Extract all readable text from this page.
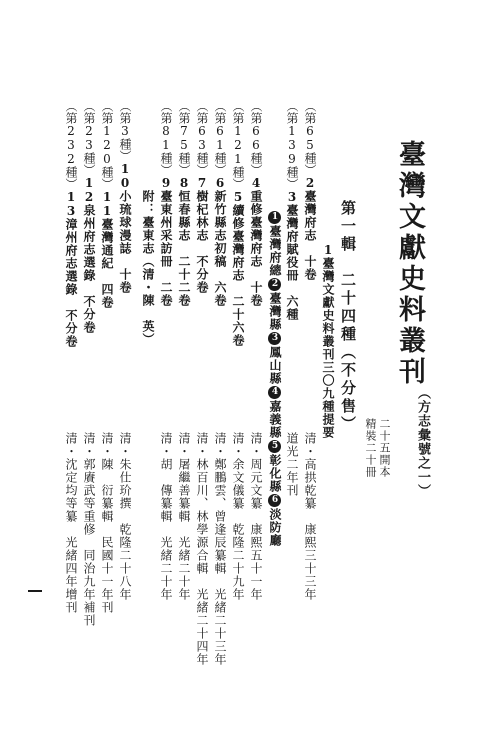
臺灣文獻史料叢刊
（方志彙號之一）
二十五開本
精裝二十冊
第一輯　二十四種（不分售）
1臺灣文獻史料叢刊三〇九種提要
（第65種）2臺灣府志　十卷
清・高拱乾纂　康熙三十三年
（第139種）3臺灣府賦役冊　六種
道光二年刊
1臺灣府總2臺灣縣3鳳山縣4嘉義縣5彰化縣6淡防廳
（第66種）4重修臺灣府志　十卷
清・周元文纂　康熙五十一年
（第121種）5續修臺灣府志　二十六卷
清・余文儀纂　乾隆二十九年
（第61種）6新竹縣志初稿　六卷
清・鄭鵬雲、曾逢辰纂輯　光緒二十三年
（第63種）7樹杞林志　不分卷
清・林百川、林學源合輯　光緒二十四年
（第75種）8恒春縣志　二十二卷
清・屠繼善纂輯　光緒二十年
（第81種）9臺東州采訪冊　二卷
清・胡　傳纂輯　光緒二十年
附：臺東志（清・陳　英）
（第3種）10小琉球漫誌　十卷
清・朱仕玠撰　乾隆二十八年
（第120種）11臺灣通紀　四卷
清・陳　衍纂輯　民國十一年刊
（第23種）12泉州府志選錄　不分卷
清・郭賡武等重修　同治九年補刊
（第232種）13漳州府志選錄　不分卷
清・沈定均等纂　光緒四年增刊
